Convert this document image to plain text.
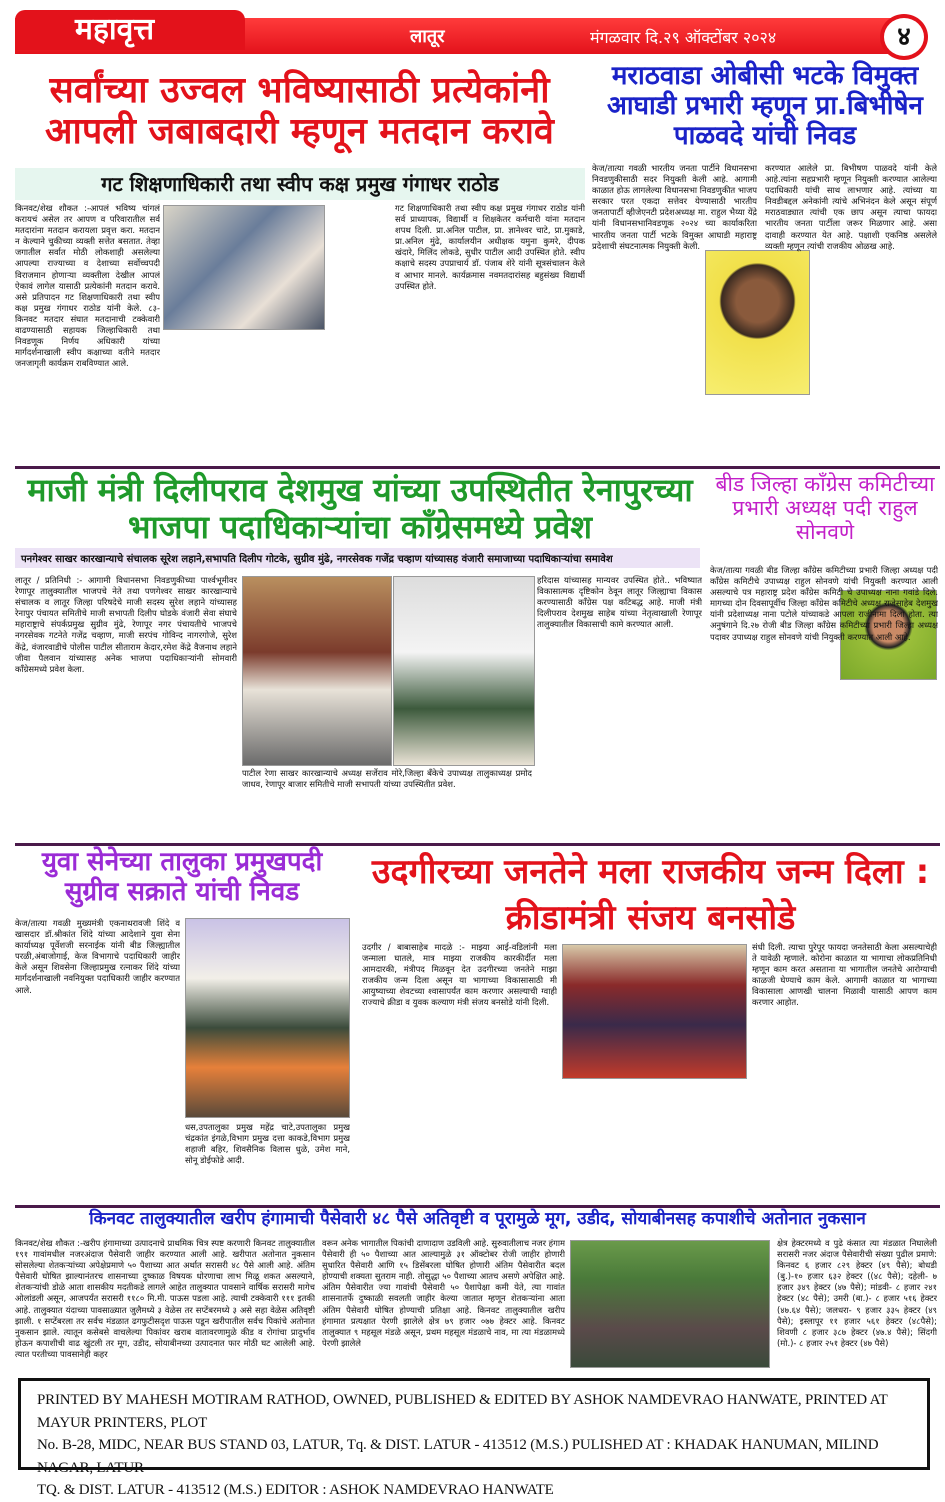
महावृत्त	लातूर	मंगळवार दि.२९ ऑक्टोंबर २०२४	४
सर्वांच्या उज्वल भविष्यासाठी प्रत्येकांनी आपली जबाबदारी म्हणून मतदान करावे
गट शिक्षणाधिकारी तथा स्वीप कक्ष प्रमुख गंगाधर राठोड
किनवट/शेख शौकत :-आपलं भविष्य चांगलं करायचं असेल तर आपण व परिवारातील सर्व मतदारांना मतदान करायला प्रवृत्त करा. मतदान न केल्याने चुकीच्या व्यक्ती सत्तेत बसतात. तेव्हा जगातील सर्वात मोठी लोकशाही असलेल्या आपल्या राज्याच्या व देशाच्या सर्वोच्चपदी विराजमान होणाऱ्या व्यक्तीला देखील आपलं ऐकावं लागेल यासाठी प्रत्येकांनी मतदान करावे. असे प्रतिपादन गट शिक्षणाधिकारी तथा स्वीप कक्ष प्रमुख गंगाधर राठोड यांनी केले. ८३- किनवट मतदार संघात मतदानाची टक्केवारी वाढण्यासाठी सहायक जिल्हाधिकारी तथा निवडणूक निर्णय अधिकारी यांच्या मार्गदर्शनाखाली स्वीप कक्षाच्या वतीने मतदार जनजागृती कार्यक्रम राबविण्यात आले.
गट शिक्षणाधिकारी तथा स्वीप कक्ष प्रमुख गंगाधर राठोड यांनी सर्व प्राध्यापक, विद्यार्थी व शिक्षकेतर कर्मचारी यांना मतदान शपथ दिली. प्रा.अनिल पाटील, प्रा. ज्ञानेश्वर चाटे, प्रा.मुकाडे, प्रा.अनिल मुंढे, कार्यालयीन अधीक्षक यमुना कुमरे, दीपक खंदारे, मिलिंद लोकडे, सुधीर पाटील आदी उपस्थित होते. स्वीप कक्षाचे सदस्य उपप्राचार्य डॉ. पंजाब शेरे यांनी सूत्रसंचालन केले व आभार मानले. कार्यक्रमास नवमतदारांसह बहुसंख्य विद्यार्थी उपस्थित होते.
मराठवाडा ओबीसी भटके विमुक्त आघाडी प्रभारी म्हणून प्रा.बिभीषेन पाळवदे यांची निवड
केज/तात्या गवळी भारतीय जनता पार्टीने विधानसभा निवडणुकीसाठी सदर नियुक्ती केली आहे. आगामी काळात होऊ लागलेल्या विधानसभा निवडणुकीत भाजप सरकार परत एकदा सत्तेवर येण्यासाठी भारतीय जनतापार्टी व्हीजेएनटी प्रदेशअध्यक्ष मा. राहुल भैय्या येंद्रे यांनी विधानसभानिवडणूक २०२४ च्या कार्याकरिता भारतीय जनता पार्टी भटके विमुक्त आघाडी महाराष्ट्र प्रदेशाची संघटनात्मक नियुक्ती केली.
करण्यात आलेले प्रा. बिभीषण पाळवदे यांनी केले आहे.त्यांना सहप्रभारी म्हणून नियुक्ती करण्यात आलेल्या पदाधिकारी यांची साथ लाभणार आहे. त्यांच्या या निवडीबद्दल अनेकांनी त्यांचे अभिनंदन केले असून संपूर्ण मराठवाड्यात त्यांची एक छाप असून त्याचा फायदा भारतीय जनता पार्टीला जरूर मिळणार आहे. असा दावाही करण्यात येत आहे. पक्षाशी एकनिष्ठ असलेले व्यक्ती म्हणून त्यांची राजकीय ओळख आहे.
माजी मंत्री दिलीपराव देशमुख यांच्या उपस्थितीत रेनापुरच्या भाजपा पदाधिकाऱ्यांचा काँग्रेसमध्ये प्रवेश
पनगेश्वर साखर कारखान्याचे संचालक सूरेश लहाने,सभापति दिलीप गोटके, सुग्रीव मुंढे, नगरसेवक गजेंद्र चव्हाण यांच्यासह वंजारी समाजाच्या पदाधिकाऱ्यांचा समावेश
लातूर / प्रतिनिधी :- आगामी विधानसभा निवडणुकीच्या पार्श्वभूमीवर रेणापूर तालुक्यातील भाजपचे नेते तथा पणगेश्वर साखर कारखान्याचे संचालक व लातूर जिल्हा परिषदेचे माजी सदस्य सुरेश लहाने यांच्यासह रेनापुर पंचायत समितीचे माजी सभापती दिलीप घोडके वंजारी सेवा संघाचे महाराष्ट्राचे संपर्कप्रमुख सुग्रीव मुंढे, रेणापूर नगर पंचायतीचे भाजपचे नगरसेवक गटनेते गजेंद्र चव्हाण, माजी सरपंच गोविन्द नागरगोजे, सुरेश केंद्रे, वंजारवाडीचे पोलीस पाटील सीताराम केदार,रमेश केंद्रे वैजनाथ लहाने जीवा पैलवान यांच्यासह अनेक भाजपा पदाधिकाऱ्यांनी सोमवारी काँग्रेसमध्ये प्रवेश केला.
पाटील रेणा साखर कारखान्याचे अध्यक्ष सर्जेराव मोरे,जिल्हा बँकेचे उपाध्यक्ष तालुकाध्यक्ष प्रमोद जाधव, रेणापूर बाजार समितीचे माजी सभापती यांच्या उपस्थितीत प्रवेश.
हरिदास यांच्यासह मान्यवर उपस्थित होते.. भविष्यात विकासात्मक दृष्टिकोन ठेवून लातूर जिल्ह्याचा विकास करण्यासाठी काँग्रेस पक्ष कटिबद्ध आहे. माजी मंत्री दिलीपराव देशमुख साहेब यांच्या नेतृत्वाखाली रेणापूर तालुक्यातील विकासाची कामे करण्यात आली.
बीड जिल्हा काँग्रेस कमिटीच्या प्रभारी अध्यक्ष पदी राहुल सोनवणे
केज/तात्या गवळी बीड जिल्हा काँग्रेस कमिटीच्या प्रभारी जिल्हा अध्यक्ष पदी काँग्रेस कमिटीचे उपाध्यक्ष राहुल सोनवणे यांची नियुक्ती करण्यात आली असल्याचे पत्र महाराष्ट्र प्रदेश काँग्रेस कमिटी चे उपाध्यक्ष नाना गवांडे दिले. मागच्या दोन दिवसापूर्वीच जिल्हा काँग्रेस कमिटीचे अध्यक्ष राजेसाहेब देशमुख यांनी प्रदेशाध्यक्ष नाना पटोले यांच्याकडे आपला राजीनामा दिला होता. त्या अनुषंगाने दि.२७ रोजी बीड जिल्हा काँग्रेस कमिटीच्या प्रभारी जिल्हा अध्यक्ष पदावर उपाध्यक्ष राहुल सोनवणे यांची नियुक्ती करण्यात आली आहे.
युवा सेनेच्या तालुका प्रमुखपदी सुग्रीव सक्राते यांची निवड
केज/तात्या गवळी मुख्यमंत्री एकनाथरावजी शिंदे व खासदार डॉ.श्रीकांत शिंदे यांच्या आदेशाने युवा सेना कार्याध्यक्ष पूर्वेशजी सरनाईक यांनी बीड जिल्ह्यातील परळी,अंबाजोगाई, केज विभागाचे पदाधिकारी जाहीर केले असून शिवसेना जिल्हाप्रमुख रत्नाकर शिंदे यांच्या मार्गदर्शनाखाली नवनियुक्त पदाधिकारी जाहीर करण्यात आले.
धस,उपतालुका प्रमुख महेंद्र चाटे,उपतालुका प्रमुख चंद्रकांत इंगळे,विभाग प्रमुख दत्ता काकडे,विभाग प्रमुख शहाजी बहिर, शिवसैनिक विलास धुळे, उमेश माने, सोनू डोईफोडे आदी.
उदगीरच्या जनतेने मला राजकीय जन्म दिला : क्रीडामंत्री संजय बनसोडे
उदगीर / बाबासाहेब मादळे :- माझ्या आई-वडिलांनी मला जन्माला घातले, मात्र माझ्या राजकीय कारकीर्दीत मला आमदारकी, मंत्रीपद मिळवून देत उदगीरच्या जनतेने माझा राजकीय जन्म दिला असून या भागाच्या विकासासाठी मी आयुष्याच्या शेवटच्या श्वासापर्यंत काम करणार असल्याची ग्वाही राज्याचे क्रीडा व युवक कल्याण मंत्री संजय बनसोडे यांनी दिली.
संधी दिली. त्याचा पुरेपूर फायदा जनतेसाठी केला असल्याचेही ते यावेळी म्हणाले. कोरोना काळात या भागाचा लोकप्रतिनिधी म्हणून काम करत असताना या भागातील जनतेचे आरोग्याची काळजी घेण्याचे काम केले. आगामी काळात या भागाच्या विकासाला आणखी चालना मिळावी यासाठी आपण काम करणार आहोत.
किनवट तालुक्यातील खरीप हंगामाची पैसेवारी ४८ पैसे अतिवृष्टी व पूरामुळे मूग, उडीद, सोयाबीनसह कपाशीचे अतोनात नुकसान
किनवट/शेख शौकत :-खरीप हंगामाच्या उत्पादनाचे प्राथमिक चित्र स्पष्ट करणारी किनवट तालुक्यातील १९१ गावांमधील नजरअंदाज पैसेवारी जाहीर करण्यात आली आहे. खरीपात अतोनात नुकसान सोसलेल्या शेतकऱ्यांच्या अपेक्षेप्रमाणे ५० पैशाच्या आत अर्थात सरासरी ४८ पैसे आली आहे. अंतिम पैसेवारी घोषित झाल्यानंतरच शासनाच्या दुष्काळ विषयक धोरणाचा लाभ मिळू शकत असल्याने, शेतकऱ्यांची डोळे आता शासकीय मदतीकडे लागले आहेत तालुक्यात पावसाने वार्षिक सरासरी मागेच ओलांडली असून, आजपर्यंत सरासरी ११८० मि.मी. पाऊस पडला आहे. त्याची टक्केवारी १११ इतकी आहे. तालुक्यात यंदाच्या पावसाळ्यात जुलैमध्ये ३ वेळेस तर सप्टेंबरमध्ये ३ असे सहा वेळेस अतिवृष्टी झाली. १ सप्टेंबरला तर सर्वच मंडळात ढगफुटीसदृश पाऊस पडून खरीपातील सर्वच पिकांचे अतोनात नुकसान झाले. त्यातून कसेबसे वाचलेल्या पिकांवर खराब वातावरणामुळे कीड व रोगांचा प्रादुर्भाव होऊन कपाशीची वाढ खुंटली तर मूग, उडीद, सोयाबीनच्या उत्पादनात फार मोठी घट आलेली आहे. त्यात परतीच्या पावसानेही कहर
वरून अनेक भागातील पिकांची दाणादाण उडविली आहे. सुरुवातीलाच नजर हंगाम पैसेवारी ही ५० पैशाच्या आत आल्यामुळे ३१ ऑक्टोबर रोजी जाहीर होणारी सुधारित पैसेवारी आणि १५ डिसेंबरला घोषित होणारी अंतिम पैसेवारीत बदल होण्याची शक्यता सुतराम नाही. तोसुद्धा ५० पैशाच्या आतच असणे अपेक्षित आहे. अंतिम पैसेवारीत ज्या गावांची पैसेवारी ५० पैशापेक्षा कमी येते, त्या गावांत शासनातर्फे दुष्काळी सवलती जाहीर केल्या जातात म्हणून शेतकऱ्यांना आता अंतिम पैसेवारी घोषित होण्याची प्रतिक्षा आहे. किनवट तालुक्यातील खरीप हंगामात प्रत्यक्षात पेरणी झालेले क्षेत्र ७९ हजार ०७७ हेक्टर आहे. किनवट तालुक्यात ९ महसूल मंडळे असून, प्रथम महसूल मंडळाचे नाव, मा त्या मंडळामध्ये पेरणी झालेले
क्षेत्र हेक्टरमध्ये व पुढे कंसात त्या मंडळात निघालेली सरासरी नजर अंदाज पैसेवारीची संख्या पुढील प्रमाणे: किनवट ६ हजार ८२९ हेक्टर (४९ पैसे); बोधडी (बु.)-१० हजार ६३२ हेक्टर ((४८ पैसे); दहेली- ७ हजार ३४९ हेक्टर (४७ पैसे); मांडवी- ८ हजार २४१ हेक्टर (४८ पैसे); उमरी (बा.)- ८ हजार ५१६ हेक्टर (४७.६४ पैसे); जलधरा- ९ हजार ३३५ हेक्टर (४९ पैसे); इस्लापूर ११ हजार ५६१ हेक्टर (४८पैसे); शिवणी ८ हजार ३८७ हेक्टर (४७.४ पैसे); सिंदगी (मो.)- ८ हजार २५१ हेक्टर (४७ पैसे)
PRINTED BY MAHESH MOTIRAM RATHOD, OWNED, PUBLISHED & EDITED BY ASHOK NAMDEVRAO HANWATE, PRINTED AT MAYUR PRINTERS, PLOT
No. B-28, MIDC, NEAR BUS STAND 03, LATUR, Tq. & DIST. LATUR - 413512 (M.S.) PULISHED AT : KHADAK HANUMAN, MILIND NAGAR, LATUR
TQ. & DIST. LATUR - 413512 (M.S.) EDITOR : ASHOK NAMDEVRAO HANWATE
